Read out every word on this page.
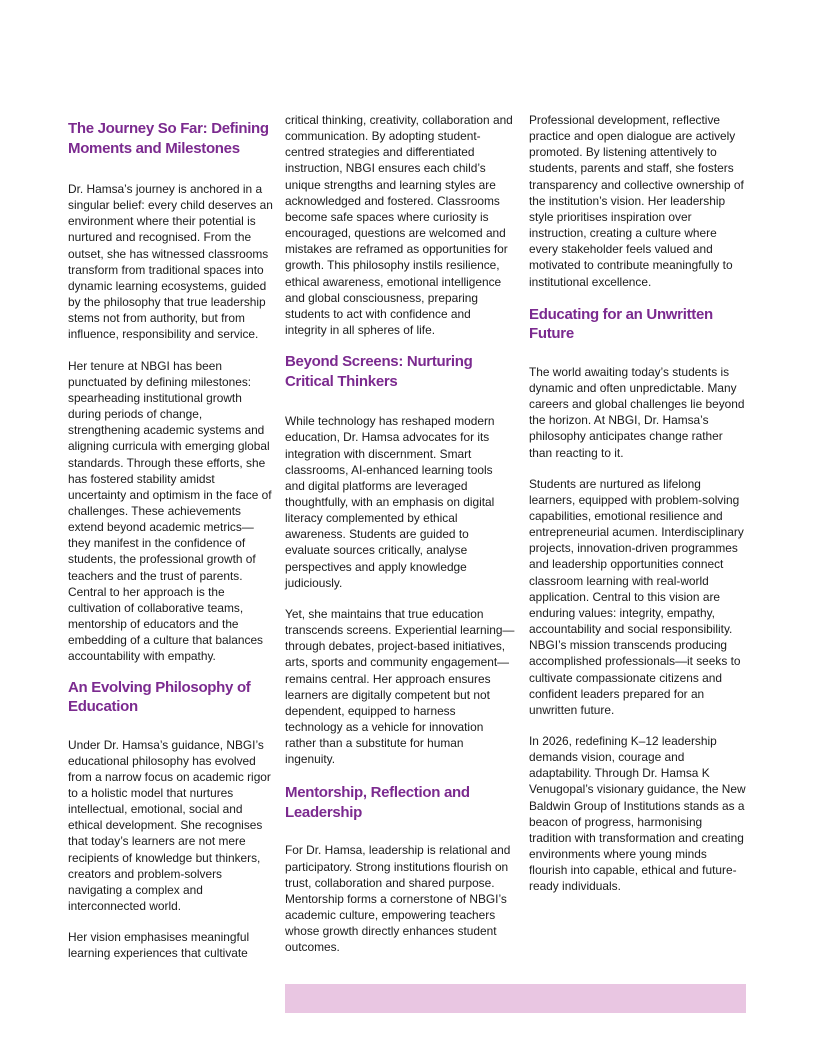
The Journey So Far: Defining Moments and Milestones

Dr. Hamsa’s journey is anchored in a singular belief: every child deserves an environment where their potential is nurtured and recognised. From the outset, she has witnessed classrooms transform from traditional spaces into dynamic learning ecosystems, guided by the philosophy that true leadership stems not from authority, but from influence, responsibility and service.

Her tenure at NBGI has been punctuated by defining milestones: spearheading institutional growth during periods of change, strengthening academic systems and aligning curricula with emerging global standards. Through these efforts, she has fostered stability amidst uncertainty and optimism in the face of challenges. These achievements extend beyond academic metrics—they manifest in the confidence of students, the professional growth of teachers and the trust of parents. Central to her approach is the cultivation of collaborative teams, mentorship of educators and the embedding of a culture that balances accountability with empathy.

An Evolving Philosophy of Education

Under Dr. Hamsa’s guidance, NBGI’s educational philosophy has evolved from a narrow focus on academic rigor to a holistic model that nurtures intellectual, emotional, social and ethical development. She recognises that today’s learners are not mere recipients of knowledge but thinkers, creators and problem-solvers navigating a complex and interconnected world.

Her vision emphasises meaningful learning experiences that cultivate

critical thinking, creativity, collaboration and communication. By adopting student-centred strategies and differentiated instruction, NBGI ensures each child’s unique strengths and learning styles are acknowledged and fostered. Classrooms become safe spaces where curiosity is encouraged, questions are welcomed and mistakes are reframed as opportunities for growth. This philosophy instils resilience, ethical awareness, emotional intelligence and global consciousness, preparing students to act with confidence and integrity in all spheres of life.

Beyond Screens: Nurturing Critical Thinkers

While technology has reshaped modern education, Dr. Hamsa advocates for its integration with discernment. Smart classrooms, AI-enhanced learning tools and digital platforms are leveraged thoughtfully, with an emphasis on digital literacy complemented by ethical awareness. Students are guided to evaluate sources critically, analyse perspectives and apply knowledge judiciously.

Yet, she maintains that true education transcends screens. Experiential learning—through debates, project-based initiatives, arts, sports and community engagement—remains central. Her approach ensures learners are digitally competent but not dependent, equipped to harness technology as a vehicle for innovation rather than a substitute for human ingenuity.

Mentorship, Reflection and Leadership

For Dr. Hamsa, leadership is relational and participatory. Strong institutions flourish on trust, collaboration and shared purpose. Mentorship forms a cornerstone of NBGI’s academic culture, empowering teachers whose growth directly enhances student outcomes.

Professional development, reflective practice and open dialogue are actively promoted. By listening attentively to students, parents and staff, she fosters transparency and collective ownership of the institution’s vision. Her leadership style prioritises inspiration over instruction, creating a culture where every stakeholder feels valued and motivated to contribute meaningfully to institutional excellence.

Educating for an Unwritten Future

The world awaiting today’s students is dynamic and often unpredictable. Many careers and global challenges lie beyond the horizon. At NBGI, Dr. Hamsa’s philosophy anticipates change rather than reacting to it.

Students are nurtured as lifelong learners, equipped with problem-solving capabilities, emotional resilience and entrepreneurial acumen. Interdisciplinary projects, innovation-driven programmes and leadership opportunities connect classroom learning with real-world application. Central to this vision are enduring values: integrity, empathy, accountability and social responsibility. NBGI’s mission transcends producing accomplished professionals—it seeks to cultivate compassionate citizens and confident leaders prepared for an unwritten future.

In 2026, redefining K–12 leadership demands vision, courage and adaptability. Through Dr. Hamsa K Venugopal’s visionary guidance, the New Baldwin Group of Institutions stands as a beacon of progress, harmonising tradition with transformation and creating environments where young minds flourish into capable, ethical and future-ready individuals.
